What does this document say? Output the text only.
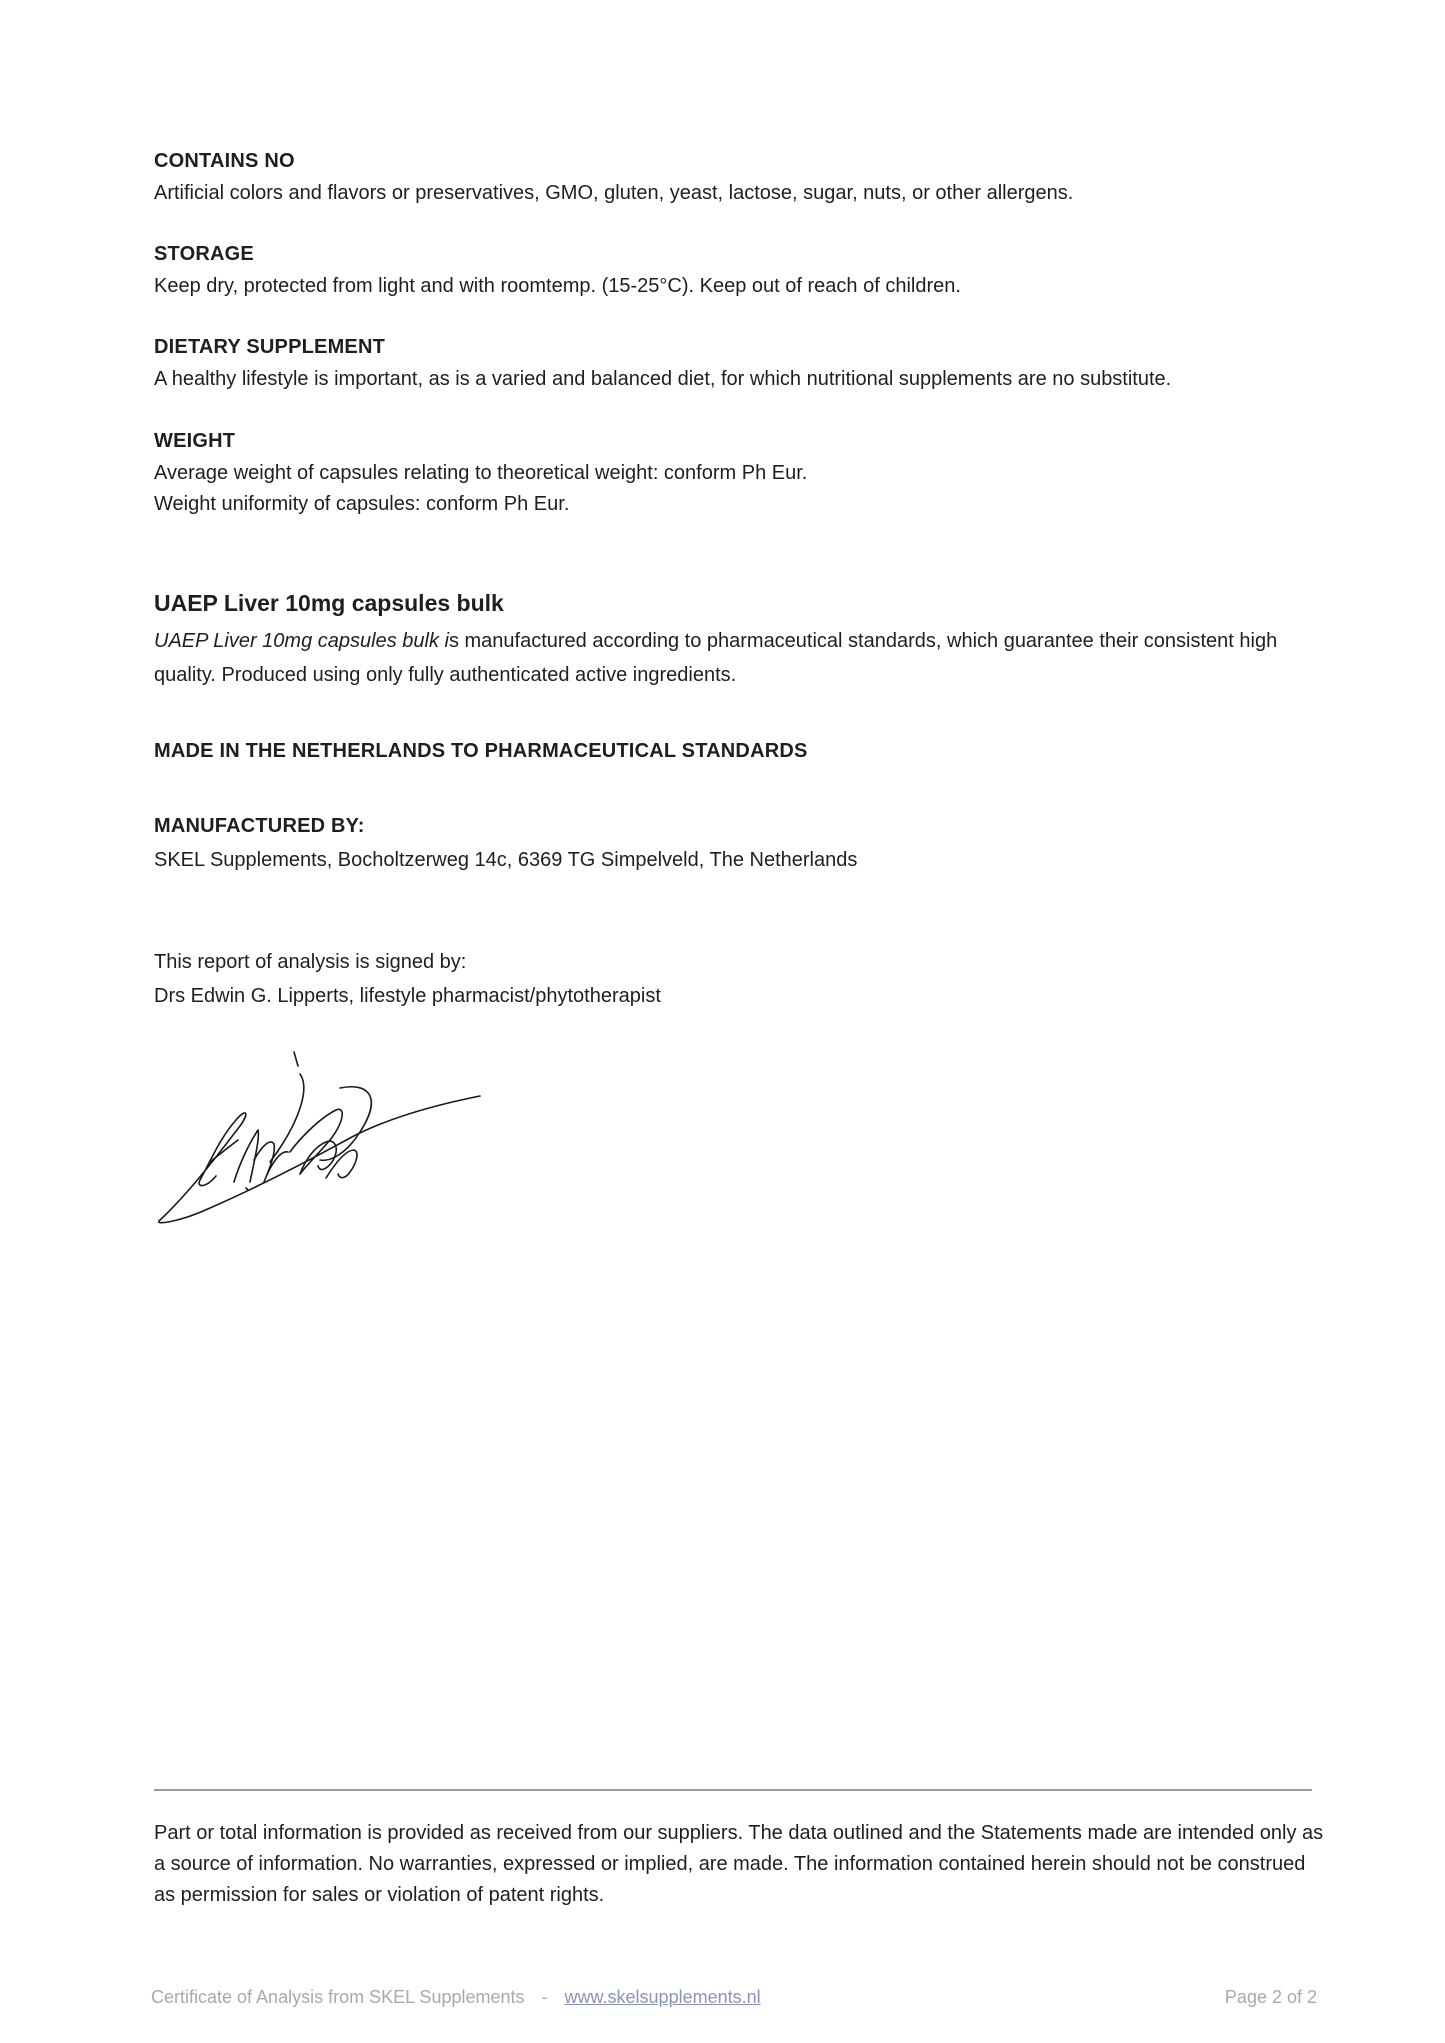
CONTAINS NO
Artificial colors and flavors or preservatives, GMO, gluten, yeast, lactose, sugar, nuts, or other allergens.
STORAGE
Keep dry, protected from light and with roomtemp. (15-25°C). Keep out of reach of children.
DIETARY SUPPLEMENT
A healthy lifestyle is important, as is a varied and balanced diet, for which nutritional supplements are no substitute.
WEIGHT
Average weight of capsules relating to theoretical weight: conform Ph Eur.
Weight uniformity of capsules: conform Ph Eur.
UAEP Liver 10mg capsules bulk
UAEP Liver 10mg capsules bulk is manufactured according to pharmaceutical standards, which guarantee their consistent high quality. Produced using only fully authenticated active ingredients.
MADE IN THE NETHERLANDS TO PHARMACEUTICAL STANDARDS
MANUFACTURED BY:
SKEL Supplements, Bocholtzerweg 14c, 6369 TG Simpelveld, The Netherlands
This report of analysis is signed by:
Drs Edwin G. Lipperts, lifestyle pharmacist/phytotherapist
Part or total information is provided as received from our suppliers. The data outlined and the Statements made are intended only as a source of information. No warranties, expressed or implied, are made. The information contained herein should not be construed as permission for sales or violation of patent rights.
Certificate of Analysis from SKEL Supplements - www.skelsupplements.nl	Page 2 of 2
